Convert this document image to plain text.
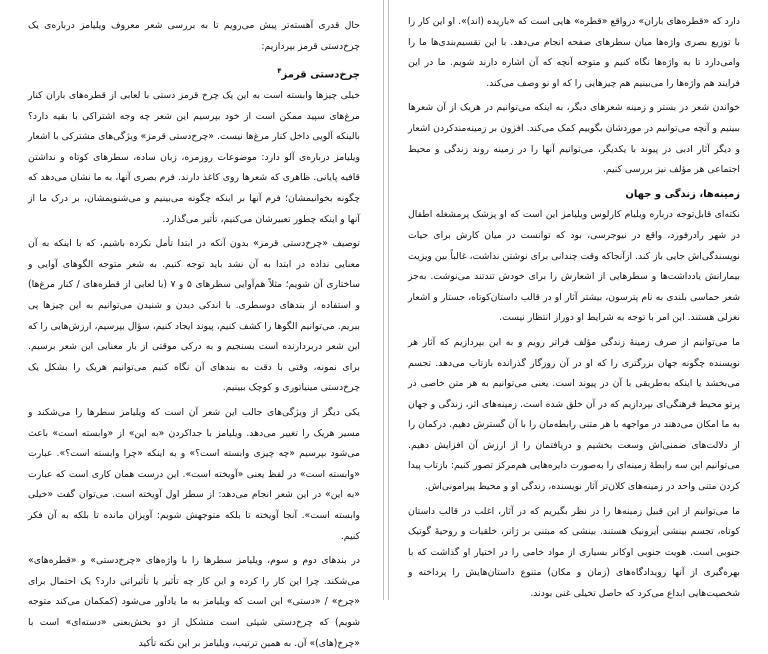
حال قدری آهسته‌تر پیش می‌رویم تا به بررسی شعر معروف ویلیامز درباره‌ی یک چرخ‌دستی قرمز بپردازیم:

چرخ‌دستی قرمز$^۴$

خیلی چیزها وابسته است به این یک چرخ قرمز دستی با لعابی از قطره‌های باران کنار مرغ‌های سپید ممکن است از خود بپرسیم این شعر چه وجه اشتراکی با بقیه دارد؟ بالینکه آلویی داخل کنار مرغ‌ها نیست. «چرخ‌دستی قرمز» ویژگی‌های مشترکی با اشعار ویلیامز درباره‌ی آلو دارد: موضوعات روزمره، زبان ساده، سطرهای کوتاه و نداشتن قافیه پایانی. ظاهری که شعرها روی کاغذ دارند. فرم بصری آنها، به ما نشان می‌دهد که چگونه بخوانیمشان؛ فرم آنها بر اینکه چگونه می‌بینیم و می‌شنویمشان، بر درک ما از آنها و اینکه چطور تعبیرشان می‌کنیم، تأثیر می‌گذارد.

توصیف «چرخ‌دستی قرمز» بدون آنکه در ابتدا تأمل نکرده باشیم، که با اینکه به آن معنایی نداده در ابتدا به آن نشد باید توجه کنیم. به شعر متوجه الگوهای آوایی و ساختاری آن شویم؛ مثلاً هم‌آوایی سطرهای ۵ و ۷ (با لعابی از قطره‌های / کنار مرغ‌ها) و استفاده از بندهای دوسطری. با اندکی دیدن و شنیدن می‌توانیم به این چیزها پی ببریم. می‌توانیم الگوها را کشف کنیم، پیوند ایجاد کنیم، سؤال بپرسیم، ارزش‌هایی را که این شعر دربردارنده است بسنجیم و به درکی موقتی از بار معنایی این شعر برسیم. برای نمونه، وقتی با دقت به بندهای آن نگاه کنیم می‌توانیم هریک را بشکل یک چرخ‌دستی مینیاتوری و کوچک ببینیم.

یکی دیگر از ویژگی‌های جالب این شعر آن است که ویلیامز سطرها را می‌شکند و مسیر هریک را تغییر می‌دهد. ویلیامز با جداکردن «به این» از «وابسته است» باعث می‌شود بپرسیم «چه چیزی وابسته است؟» و به اینکه «چرا وابسته است؟». عبارت «وابسته است» در لفظ یعنی «آویخته است». این درست همان کاری است که عبارت «به این» در این شعر انجام می‌دهد: از سطر اول آویخته است. می‌توان گفت «خیلی وابسته است». آنجا آویخته تا بلکه متوجهش شویم: آویزان مانده تا بلکه به آن فکر کنیم.

در بندهای دوم و سوم، ویلیامز سطرها را با واژه‌های «چرخ‌دستی» و «قطره‌های» می‌شکند. چرا این کار را کرده و این کار چه تأثیر یا تأثیراتی دارد؟ یک احتمال برای «چرخ» / «دستی» این است که ویلیامز به ما یادآور می‌شود (کمکمان می‌کند متوجه شویم) که چرخ‌دستی شیئی است متشکل از دو بخش‌بعنی «دسته‌ای» است با «چرخ(های)» آن. به همین ترتیب، ویلیامز بر این نکته تأکید

دارد که «قطره‌های باران» درواقع «قطره» هایی است که «باریده (اند)». او این کار را با توزیع بصری واژه‌ها میان سطرهای صفحه انجام می‌دهد. با این تقسیم‌بندی‌ها ما را وامی‌دارد تا به واژه‌ها نگاه کنیم و متوجه آنچه که آن اشاره دارند شویم. ما در این فرایند هم واژه‌ها را می‌بینیم هم چیزهایی را که او نو وصف می‌کند.

خواندن شعر در بستر و زمینه شعرهای دیگر، به اینکه می‌توانیم در هریک از آن شعرها ببینیم و آنچه می‌توانیم در موردشان بگوییم کمک می‌کند. افزون بر زمینه‌مندکردن اشعار و دیگر آثار ادبی در پیوند با یکدیگر، می‌توانیم آنها را در زمینه روند زندگی و محیط اجتماعی هر مؤلف نیز بررسی کنیم.

زمینه‌ها، زندگی و جهان

نکته‌ای قابل‌توجه درباره ویلیام کارلوس ویلیامز این است که او پزشک پرمشغله اطفال در شهر رادرفورد، واقع در نیوجرسی، بود که توانست در میان کارش برای حیات نویسندگی‌اش جایی باز کند. ازآنجاکه وقت چندانی برای نوشتن نداشت، غالباً بین ویزیت بیمارانش یادداشت‌ها و سطرهایی از اشعارش را برای خودش تندتند می‌نوشت. به‌جز شعر حماسی بلندی به نام پترسون، بیشتر آثار او در قالب داستان‌کوتاه، جستار و اشعار نغزلی هستند. این امر با توجه به شرایط او دوراز انتظار نیست.

ما می‌توانیم از صرف زمینهٔ زندگی مؤلف فراتر رویم و به این بپردازیم که آثار هر نویسنده چگونه جهان بزرگتری را که او در آن روزگار گذرانده بازتاب می‌دهد. تجسم می‌بخشد یا اینکه به‌طریقی با آن در پیوند است. یعنی می‌توانیم به هر متن خاصی در پرتو محیط فرهنگی‌ای بپردازیم که در آن خلق شده است. زمینه‌های اثر، زندگی و جهان به ما امکان می‌دهند در مواجهه با هر متنی رابطه‌مان را با آن گسترش دهیم. درکمان را از دلالت‌های ضمنی‌اش وسعت بخشیم و دریافتمان را از ارزش آن افزایش دهیم. می‌توانیم این سه رابطهٔ زمینه‌ای را به‌صورت دایره‌هایی هم‌مرکز تصور کنیم: بازتاب پیدا کردن متنی واحد در زمینه‌های کلان‌تر آثار نویسنده، زندگی او و محیط پیرامونی‌اش.

ما می‌توانیم از این قبیل زمینه‌ها را در نظر بگیریم که در آثار، اغلب در قالب داستان کوتاه، تجسم بینشی آیرونیک هستند. بینشی که مبتنی بر ژانر، خلقیات و روحیهٔ گوتیک جنوبی است. هویت جنوبی اوکانر بسیاری از مواد خامی را در اختیار او گذاشت که با بهره‌گیری از آنها رویدادگاه‌های (زمان و مکان) متنوع داستان‌هایش را پرداخته و شخصیت‌هایی ابداع می‌کرد که حاصل تخیلی غنی بودند.
